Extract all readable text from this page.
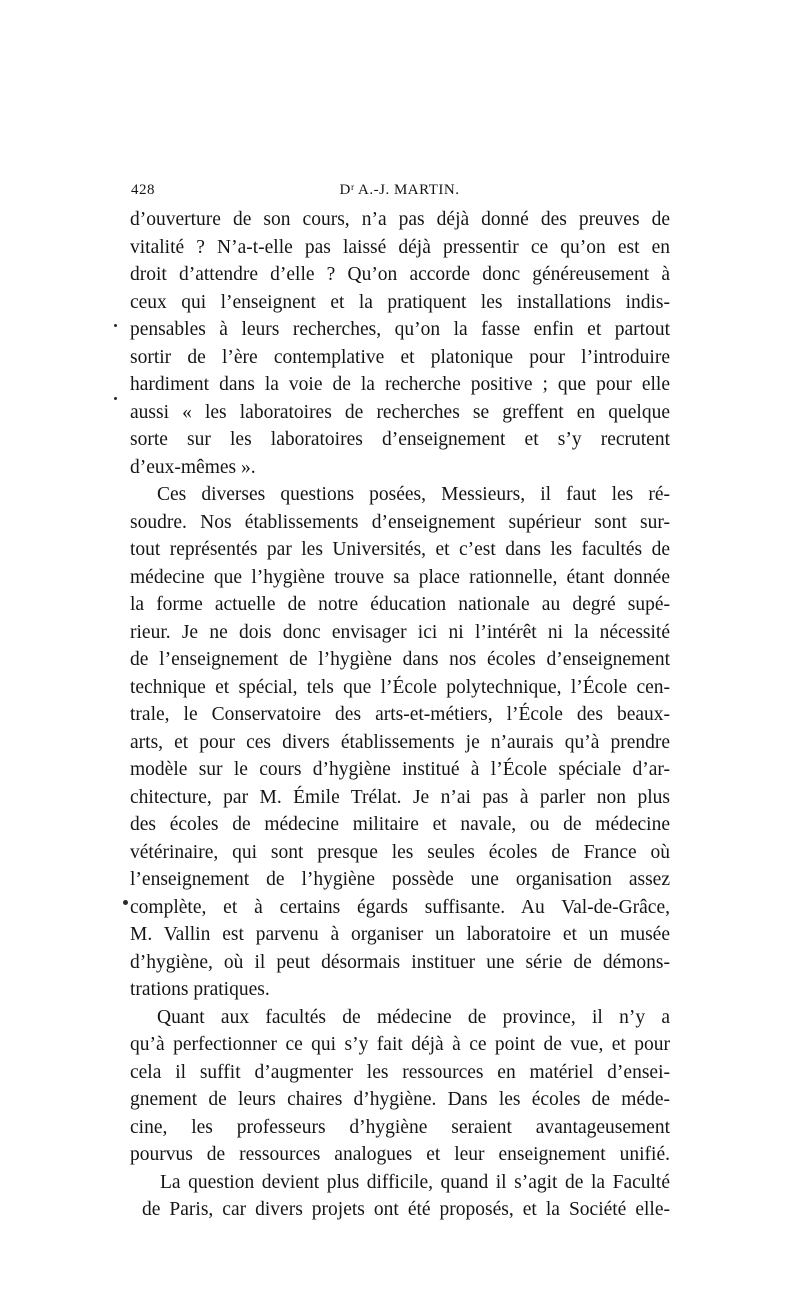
428	Dʳ A.-J. MARTIN.
d’ouverture de son cours, n’a pas déjà donné des preuves de
vitalité ? N’a-t-elle pas laissé déjà pressentir ce qu’on est en
droit d’attendre d’elle ? Qu’on accorde donc généreusement à
ceux qui l’enseignent et la pratiquent les installations indis-
pensables à leurs recherches, qu’on la fasse enfin et partout
sortir de l’ère contemplative et platonique pour l’introduire
hardiment dans la voie de la recherche positive ; que pour elle
aussi « les laboratoires de recherches se greffent en quelque
sorte sur les laboratoires d’enseignement et s’y recrutent
d’eux-mêmes ».
Ces diverses questions posées, Messieurs, il faut les ré-
soudre. Nos établissements d’enseignement supérieur sont sur-
tout représentés par les Universités, et c’est dans les facultés de
médecine que l’hygiène trouve sa place rationnelle, étant donnée
la forme actuelle de notre éducation nationale au degré supé-
rieur. Je ne dois donc envisager ici ni l’intérêt ni la nécessité
de l’enseignement de l’hygiène dans nos écoles d’enseignement
technique et spécial, tels que l’École polytechnique, l’École cen-
trale, le Conservatoire des arts-et-métiers, l’École des beaux-
arts, et pour ces divers établissements je n’aurais qu’à prendre
modèle sur le cours d’hygiène institué à l’École spéciale d’ar-
chitecture, par M. Émile Trélat. Je n’ai pas à parler non plus
des écoles de médecine militaire et navale, ou de médecine
vétérinaire, qui sont presque les seules écoles de France où
l’enseignement de l’hygiène possède une organisation assez
complète, et à certains égards suffisante. Au Val-de-Grâce,
M. Vallin est parvenu à organiser un laboratoire et un musée
d’hygiène, où il peut désormais instituer une série de démons-
trations pratiques.
Quant aux facultés de médecine de province, il n’y a
qu’à perfectionner ce qui s’y fait déjà à ce point de vue, et pour
cela il suffit d’augmenter les ressources en matériel d’ensei-
gnement de leurs chaires d’hygiène. Dans les écoles de méde-
cine, les professeurs d’hygiène seraient avantageusement
pourvus de ressources analogues et leur enseignement unifié.
La question devient plus difficile, quand il s’agit de la Faculté
de Paris, car divers projets ont été proposés, et la Société elle-
